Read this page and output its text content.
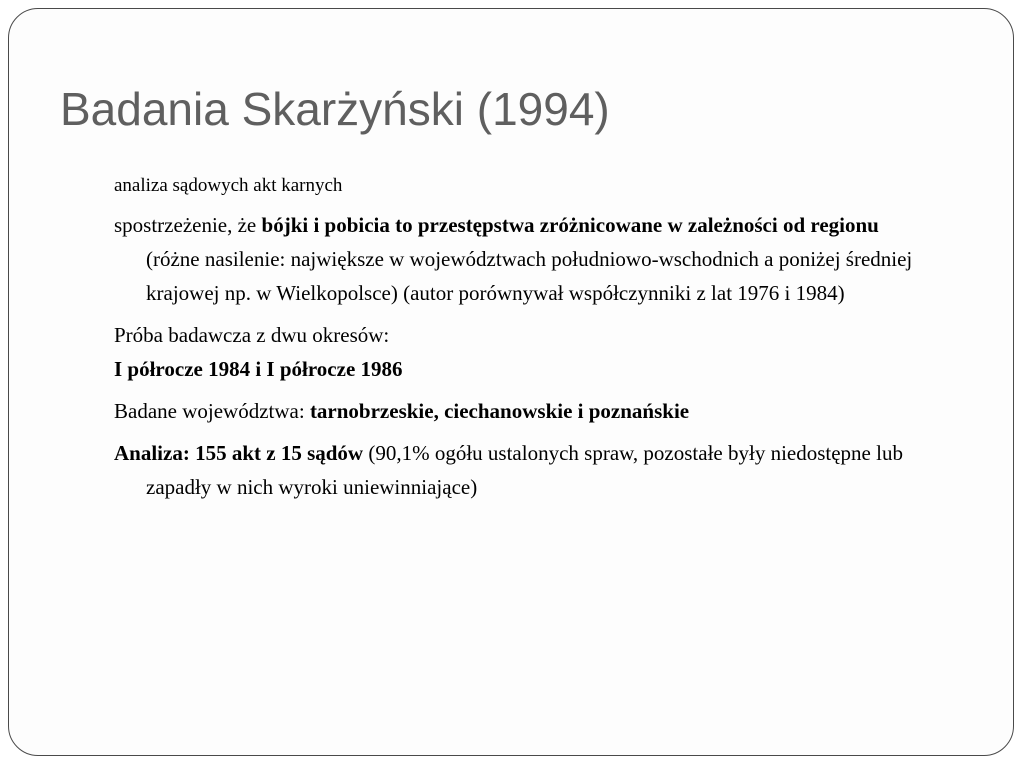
Badania Skarżyński (1994)
analiza sądowych akt karnych
spostrzeżenie, że bójki i pobicia to przestępstwa zróżnicowane w zależności od regionu (różne nasilenie: największe w województwach południowo-wschodnich a poniżej średniej krajowej np. w Wielkopolsce) (autor porównywał współczynniki z lat 1976 i 1984)
Próba badawcza z dwu okresów:
I półrocze 1984 i I półrocze 1986
Badane województwa: tarnobrzeskie, ciechanowskie i poznańskie
Analiza: 155 akt z 15 sądów (90,1% ogółu ustalonych spraw, pozostałe były niedostępne lub zapadły w nich wyroki uniewinniające)
